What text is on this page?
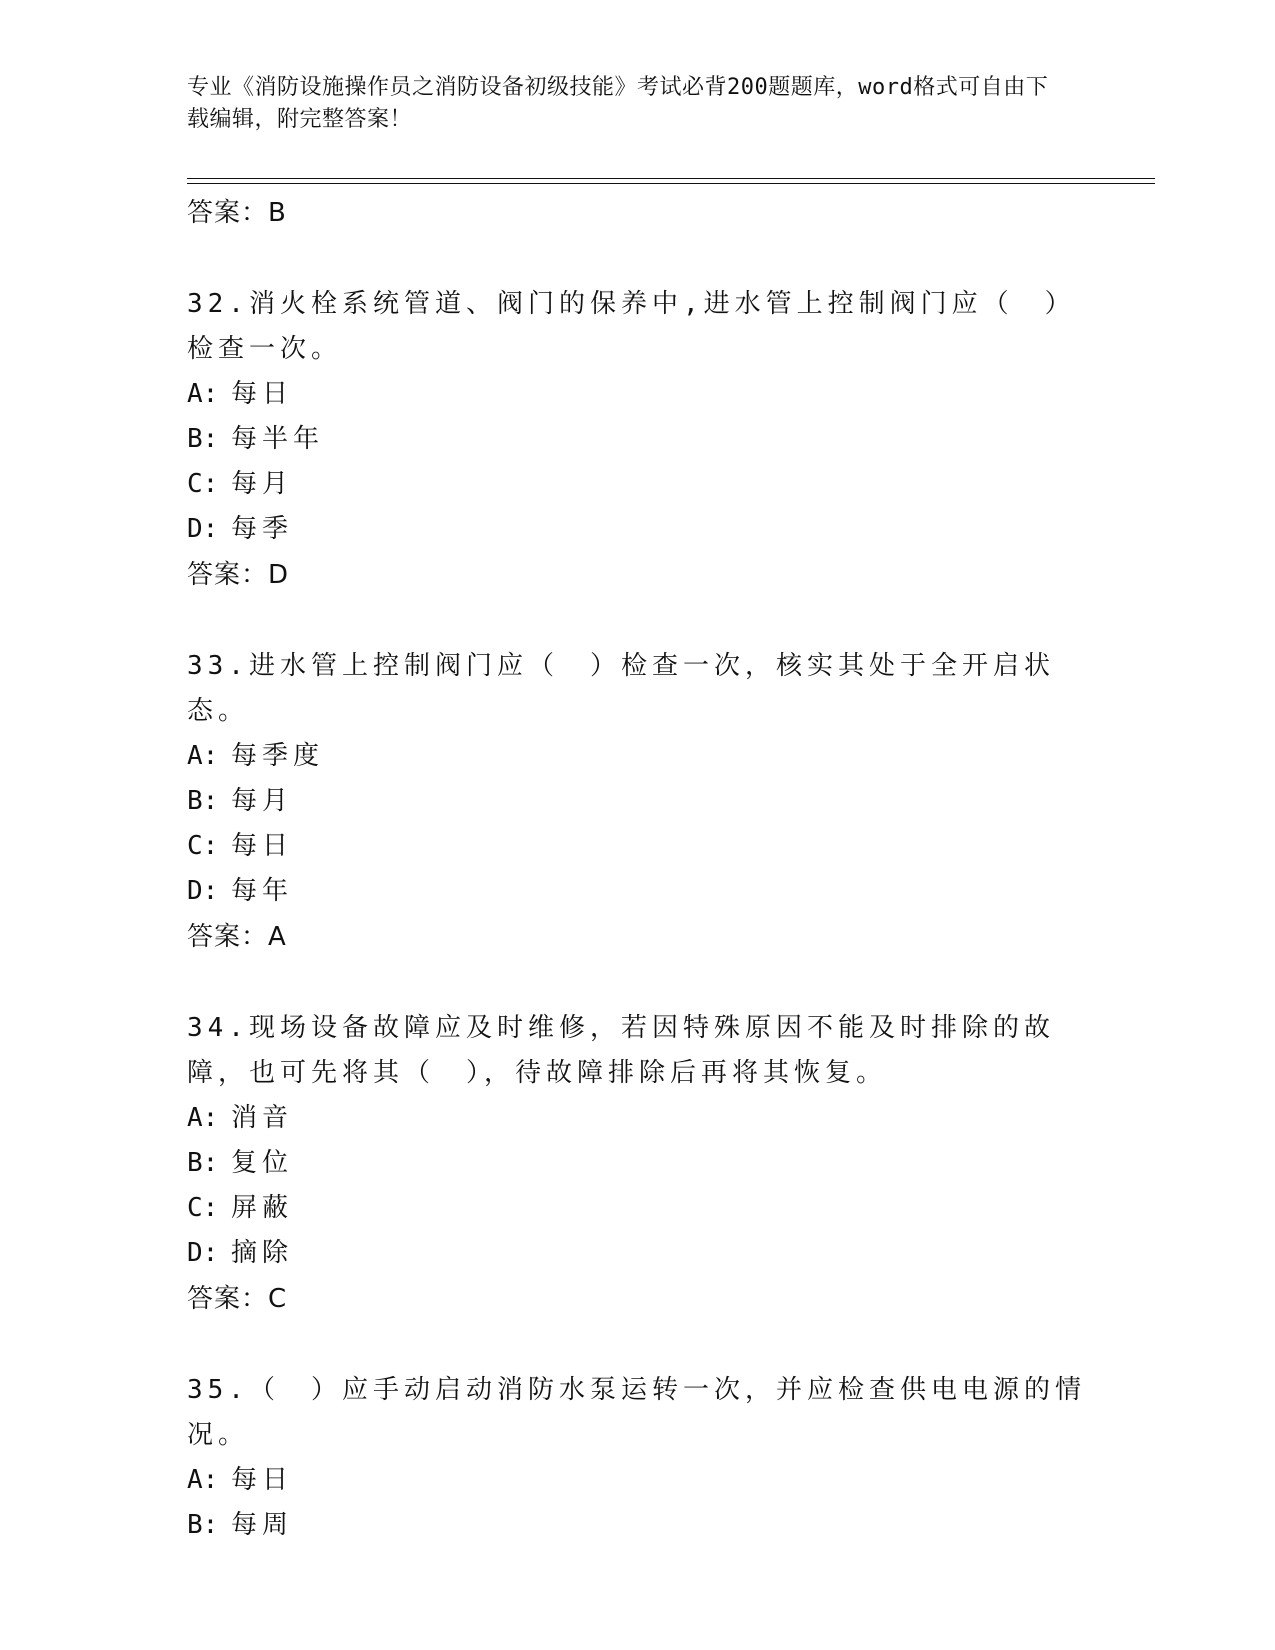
专业《消防设施操作员之消防设备初级技能》考试必背200题题库，word格式可自由下载编辑，附完整答案！
答案：B
32.消火栓系统管道、阀门的保养中,进水管上控制阀门应（　）检查一次。
A: 每日
B: 每半年
C: 每月
D: 每季
答案：D
33.进水管上控制阀门应（　）检查一次，核实其处于全开启状态。
A: 每季度
B: 每月
C: 每日
D: 每年
答案：A
34.现场设备故障应及时维修，若因特殊原因不能及时排除的故障，也可先将其（　），待故障排除后再将其恢复。
A: 消音
B: 复位
C: 屏蔽
D: 摘除
答案：C
35.（　）应手动启动消防水泵运转一次，并应检查供电电源的情况。
A: 每日
B: 每周
